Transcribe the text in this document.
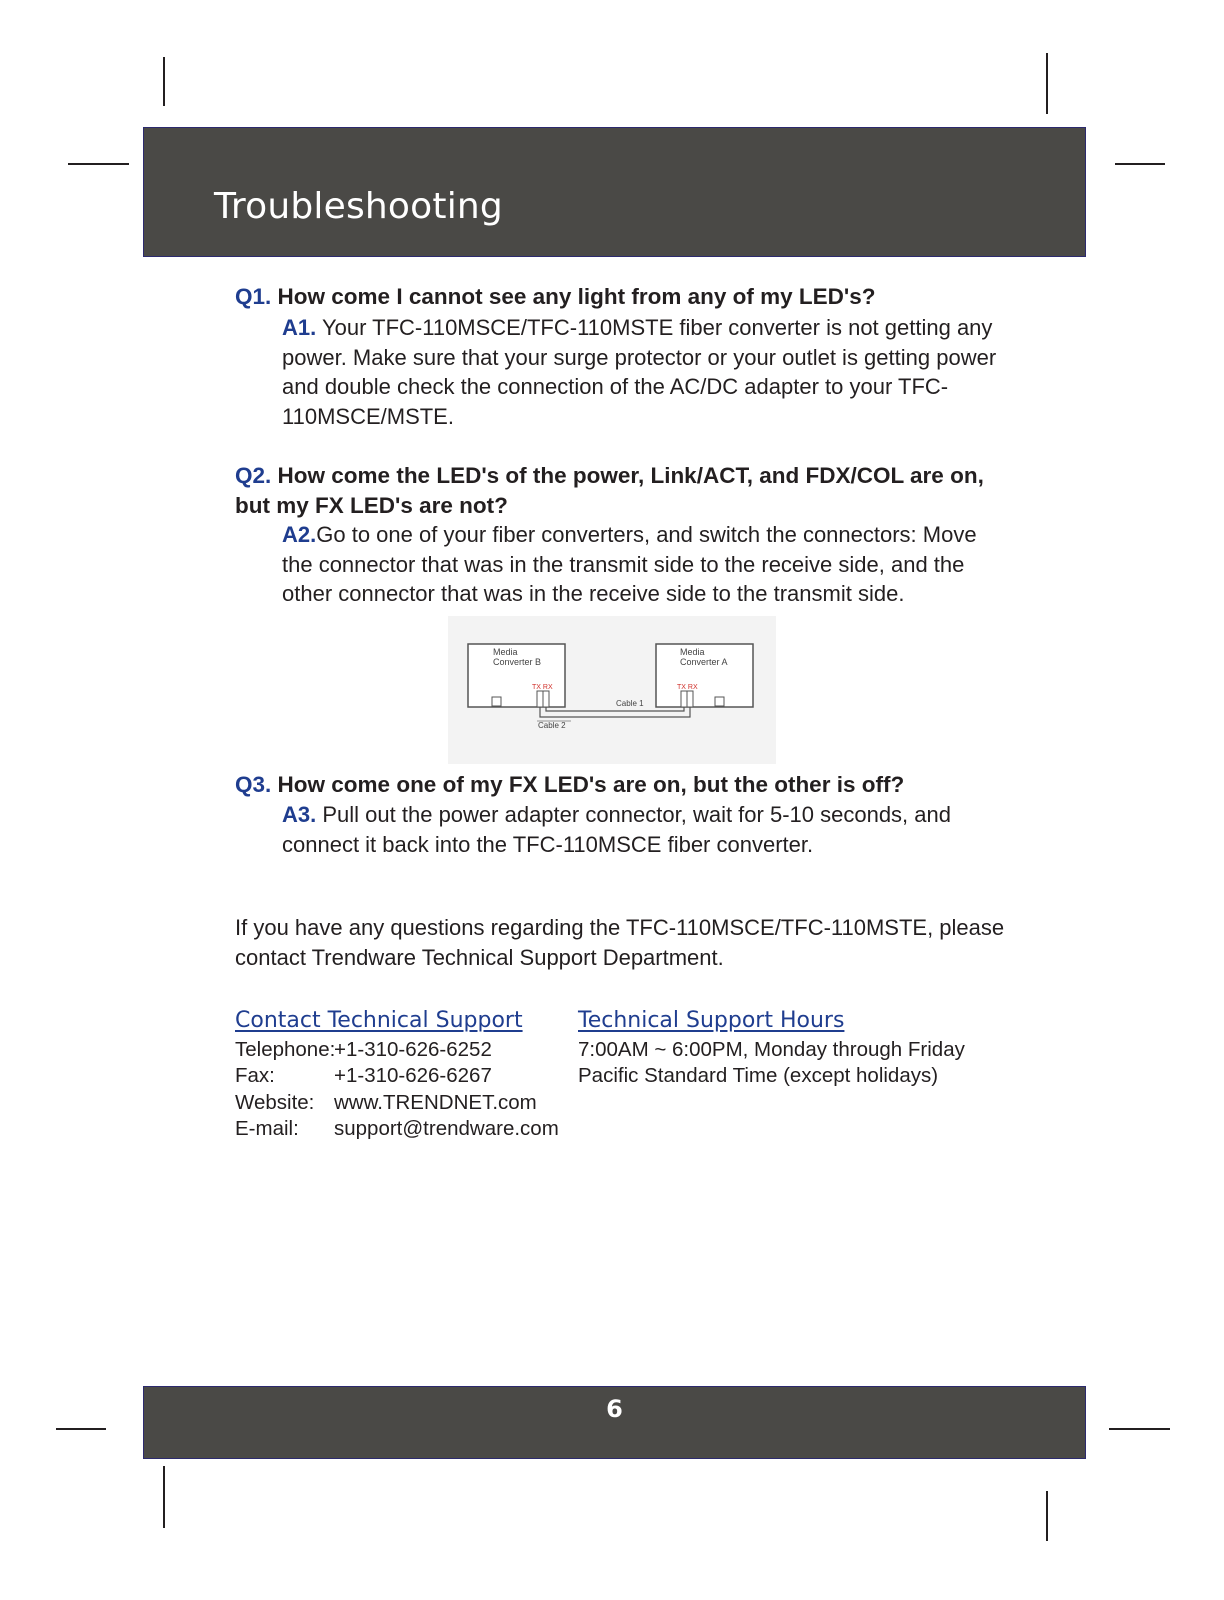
Troubleshooting

Q1. How come I cannot see any light from any of my LED's?

A1. Your TFC-110MSCE/TFC-110MSTE fiber converter is not getting any power. Make sure that your surge protector or your outlet is getting power and double check the connection of the AC/DC adapter to your TFC-110MSCE/MSTE.

Q2. How come the LED's of the power, Link/ACT, and FDX/COL are on, but my FX LED's are not?

A2.Go to one of your fiber converters, and switch the connectors: Move the connector that was in the transmit side to the receive side, and the other connector that was in the receive side to the transmit side.

Q3. How come one of my FX LED's are on, but the other is off?

A3. Pull out the power adapter connector, wait for 5-10 seconds, and connect it back into the TFC-110MSCE fiber converter.

If you have any questions regarding the TFC-110MSCE/TFC-110MSTE, please contact Trendware Technical Support Department.

Contact Technical Support
Telephone:
+1-310-626-6252
Fax:	+1-310-626-6267
Website: www.TRENDNET.com
E-mail:	support@trendware.com
Technical Support Hours
7:00AM ~ 6:00PM, Monday through Friday
Pacific Standard Time (except holidays)
Media
Converter B
TX RX
Media
Converter A
TX RX
Cable 1
Cable 2
6
